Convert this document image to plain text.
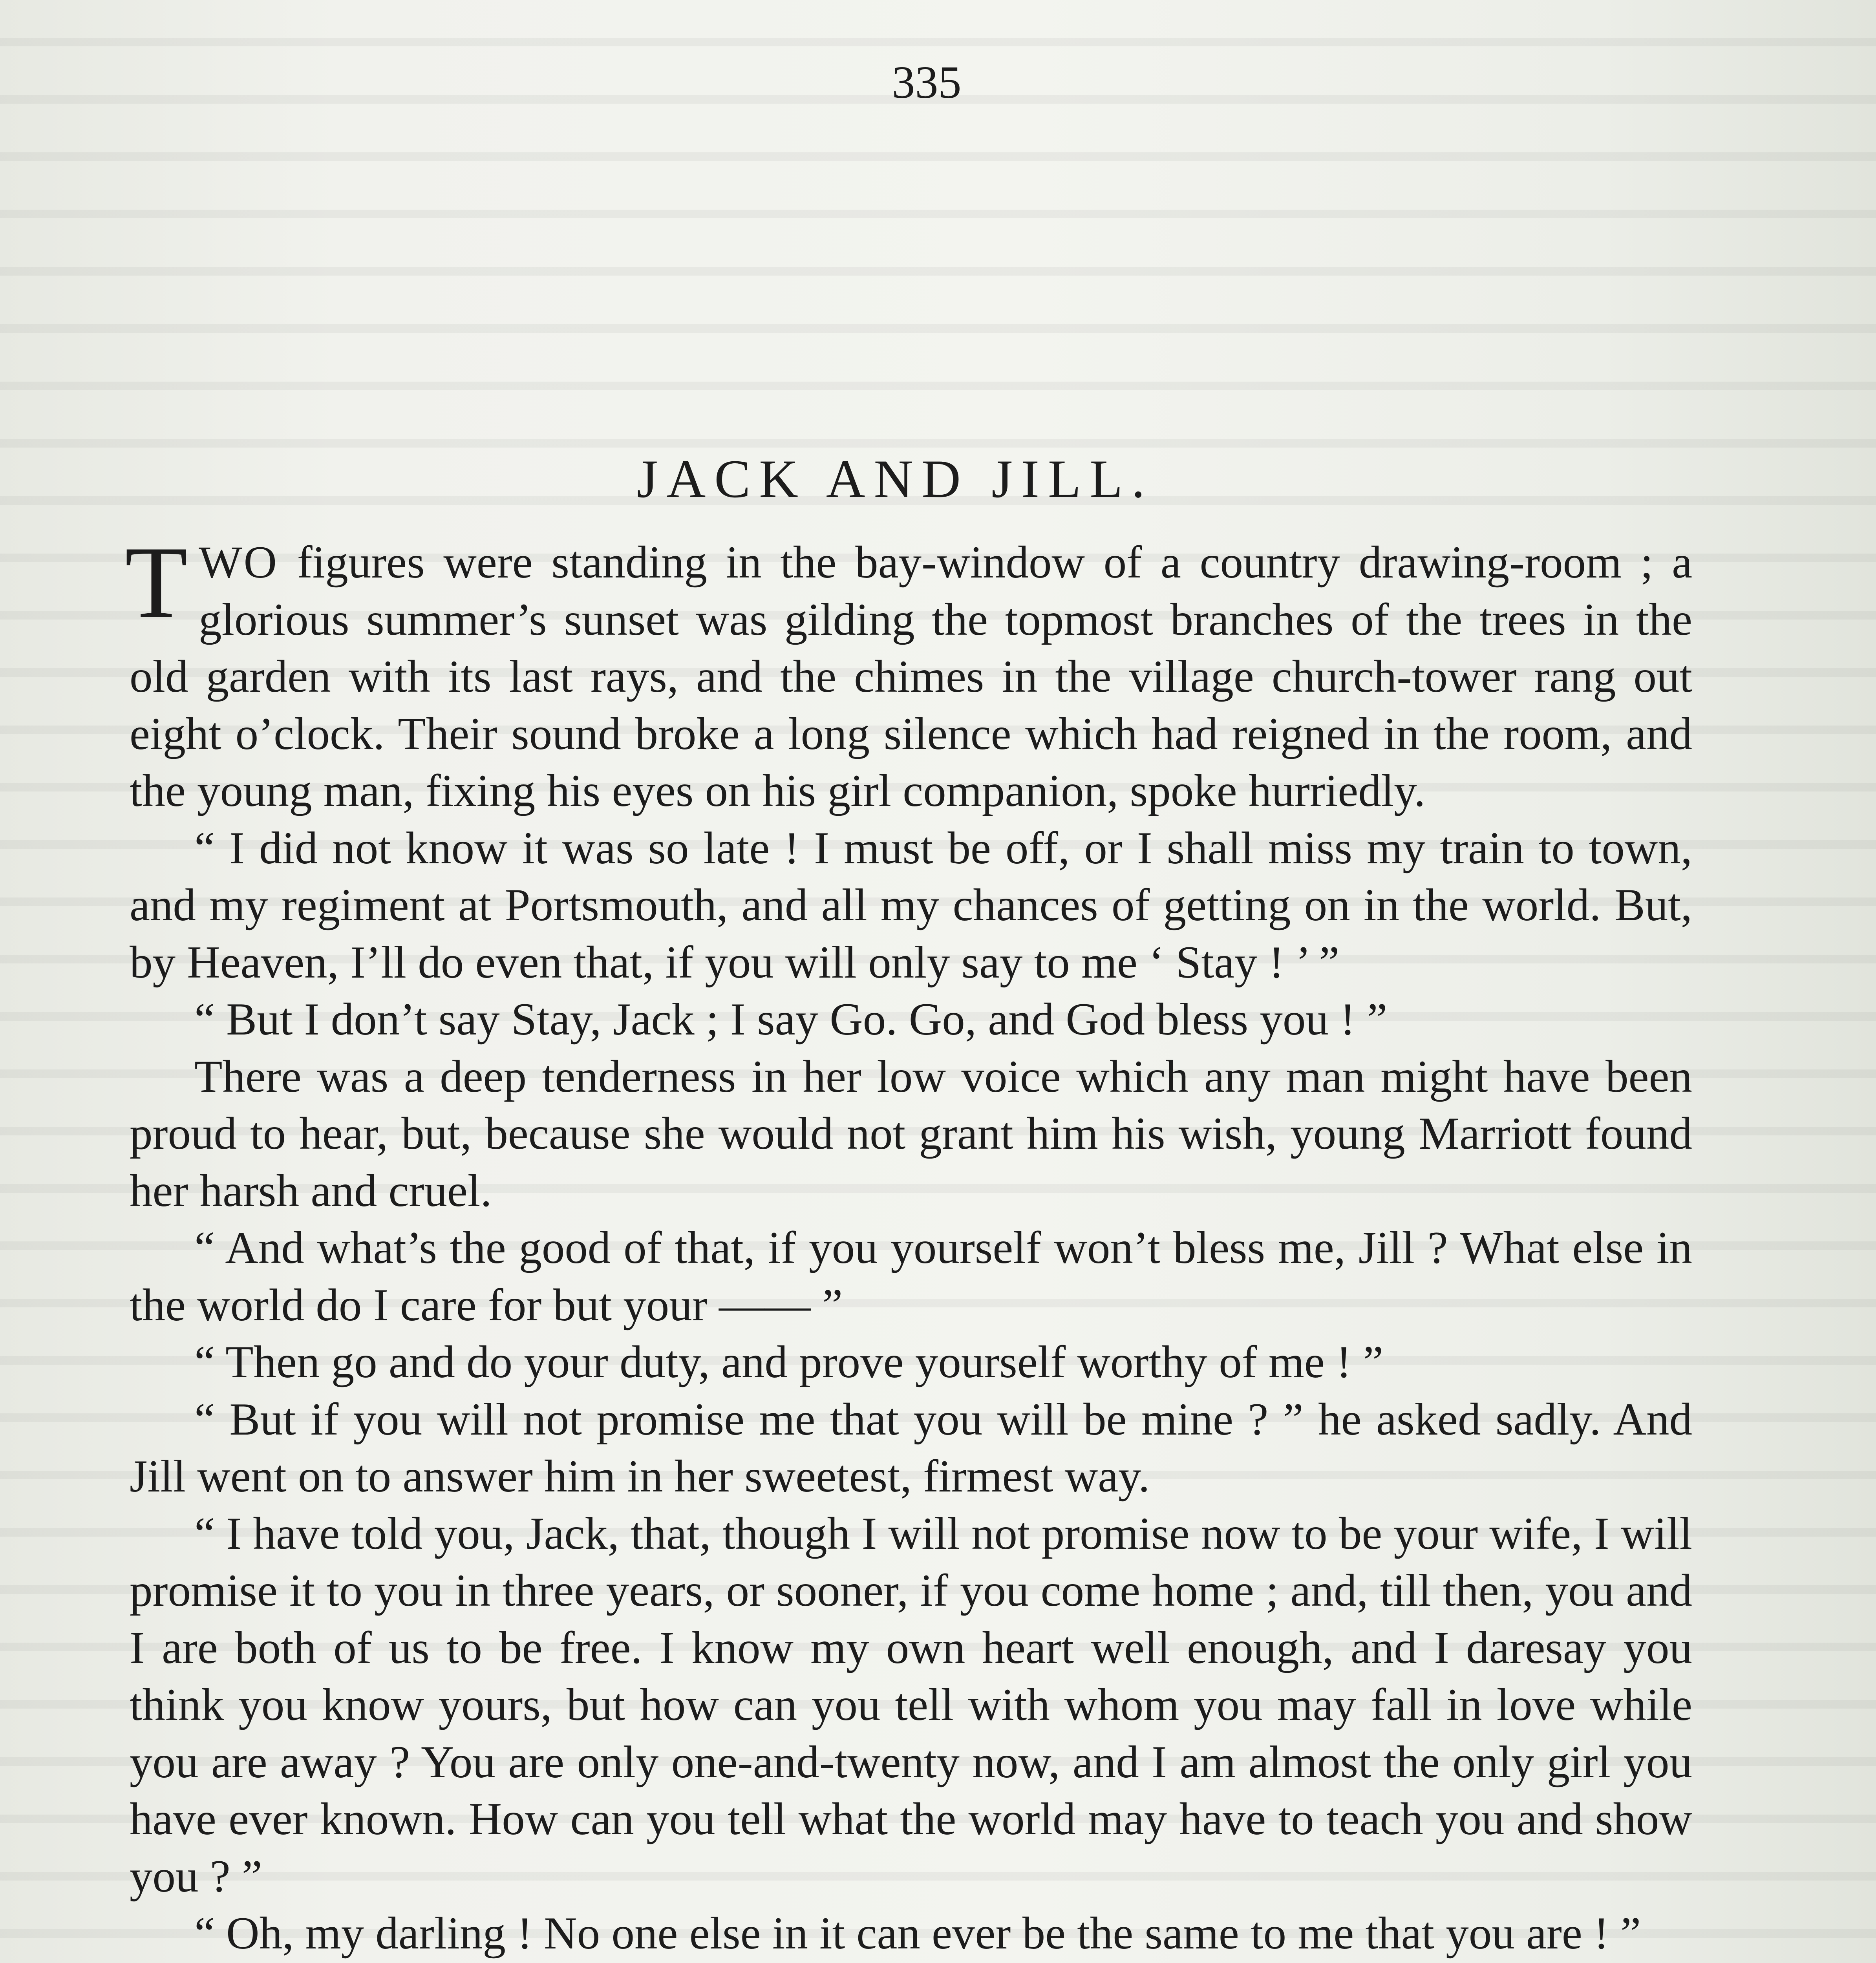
335
JACK AND JILL.

TWO figures were standing in the bay-window of a country drawing-room ; a glorious summer’s sunset was gilding the topmost branches of the trees in the old garden with its last rays, and the chimes in the village church-tower rang out eight o’clock. Their sound broke a long silence which had reigned in the room, and the young man, fixing his eyes on his girl companion, spoke hurriedly.

“ I did not know it was so late ! I must be off, or I shall miss my train to town, and my regiment at Portsmouth, and all my chances of getting on in the world. But, by Heaven, I’ll do even that, if you will only say to me ‘ Stay ! ’ ”

“ But I don’t say Stay, Jack ; I say Go. Go, and God bless you ! ”

There was a deep tenderness in her low voice which any man might have been proud to hear, but, because she would not grant him his wish, young Marriott found her harsh and cruel.

“ And what’s the good of that, if you yourself won’t bless me, Jill ? What else in the world do I care for but your —— ”

“ Then go and do your duty, and prove yourself worthy of me ! ”

“ But if you will not promise me that you will be mine ? ” he asked sadly. And Jill went on to answer him in her sweetest, firmest way.

“ I have told you, Jack, that, though I will not promise now to be your wife, I will promise it to you in three years, or sooner, if you come home ; and, till then, you and I are both of us to be free. I know my own heart well enough, and I daresay you think you know yours, but how can you tell with whom you may fall in love while you are away ? You are only one-and-twenty now, and I am almost the only girl you have ever known. How can you tell what the world may have to teach you and show you ? ”

“ Oh, my darling ! No one else in it can ever be the same to me that you are ! ”
